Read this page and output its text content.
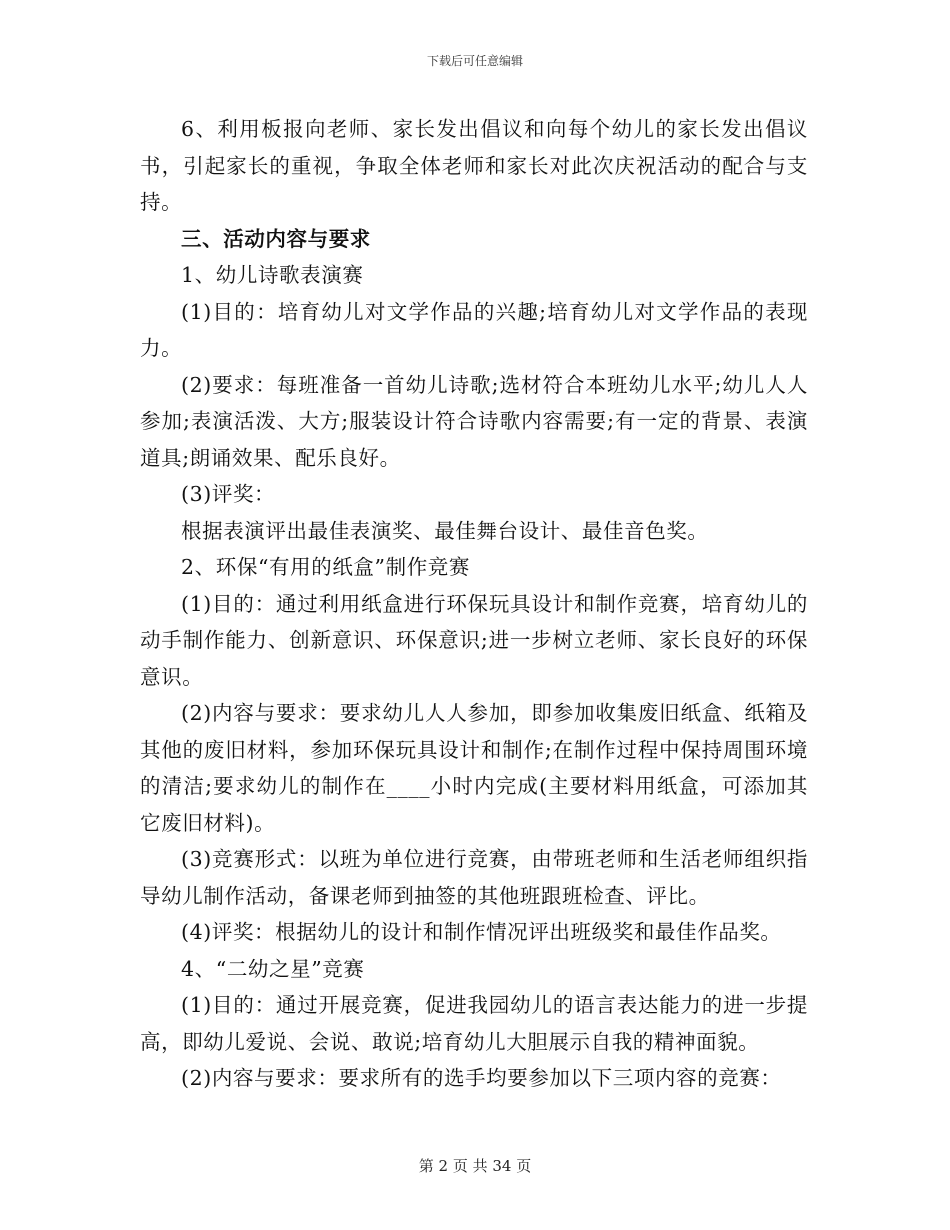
下载后可任意编辑

6、利用板报向老师、家长发出倡议和向每个幼儿的家长发出倡议书，引起家长的重视，争取全体老师和家长对此次庆祝活动的配合与支持。

三、活动内容与要求

1、幼儿诗歌表演赛

(1)目的：培育幼儿对文学作品的兴趣;培育幼儿对文学作品的表现力。

(2)要求：每班准备一首幼儿诗歌;选材符合本班幼儿水平;幼儿人人参加;表演活泼、大方;服装设计符合诗歌内容需要;有一定的背景、表演道具;朗诵效果、配乐良好。

(3)评奖：

根据表演评出最佳表演奖、最佳舞台设计、最佳音色奖。

2、环保“有用的纸盒”制作竞赛

(1)目的：通过利用纸盒进行环保玩具设计和制作竞赛，培育幼儿的动手制作能力、创新意识、环保意识;进一步树立老师、家长良好的环保意识。

(2)内容与要求：要求幼儿人人参加，即参加收集废旧纸盒、纸箱及其他的废旧材料，参加环保玩具设计和制作;在制作过程中保持周围环境的清洁;要求幼儿的制作在____小时内完成(主要材料用纸盒，可添加其它废旧材料)。

(3)竞赛形式：以班为单位进行竞赛，由带班老师和生活老师组织指导幼儿制作活动，备课老师到抽签的其他班跟班检查、评比。

(4)评奖：根据幼儿的设计和制作情况评出班级奖和最佳作品奖。

4、“二幼之星”竞赛

(1)目的：通过开展竞赛，促进我园幼儿的语言表达能力的进一步提高，即幼儿爱说、会说、敢说;培育幼儿大胆展示自我的精神面貌。

(2)内容与要求：要求所有的选手均要参加以下三项内容的竞赛：

第 2 页 共 34 页
